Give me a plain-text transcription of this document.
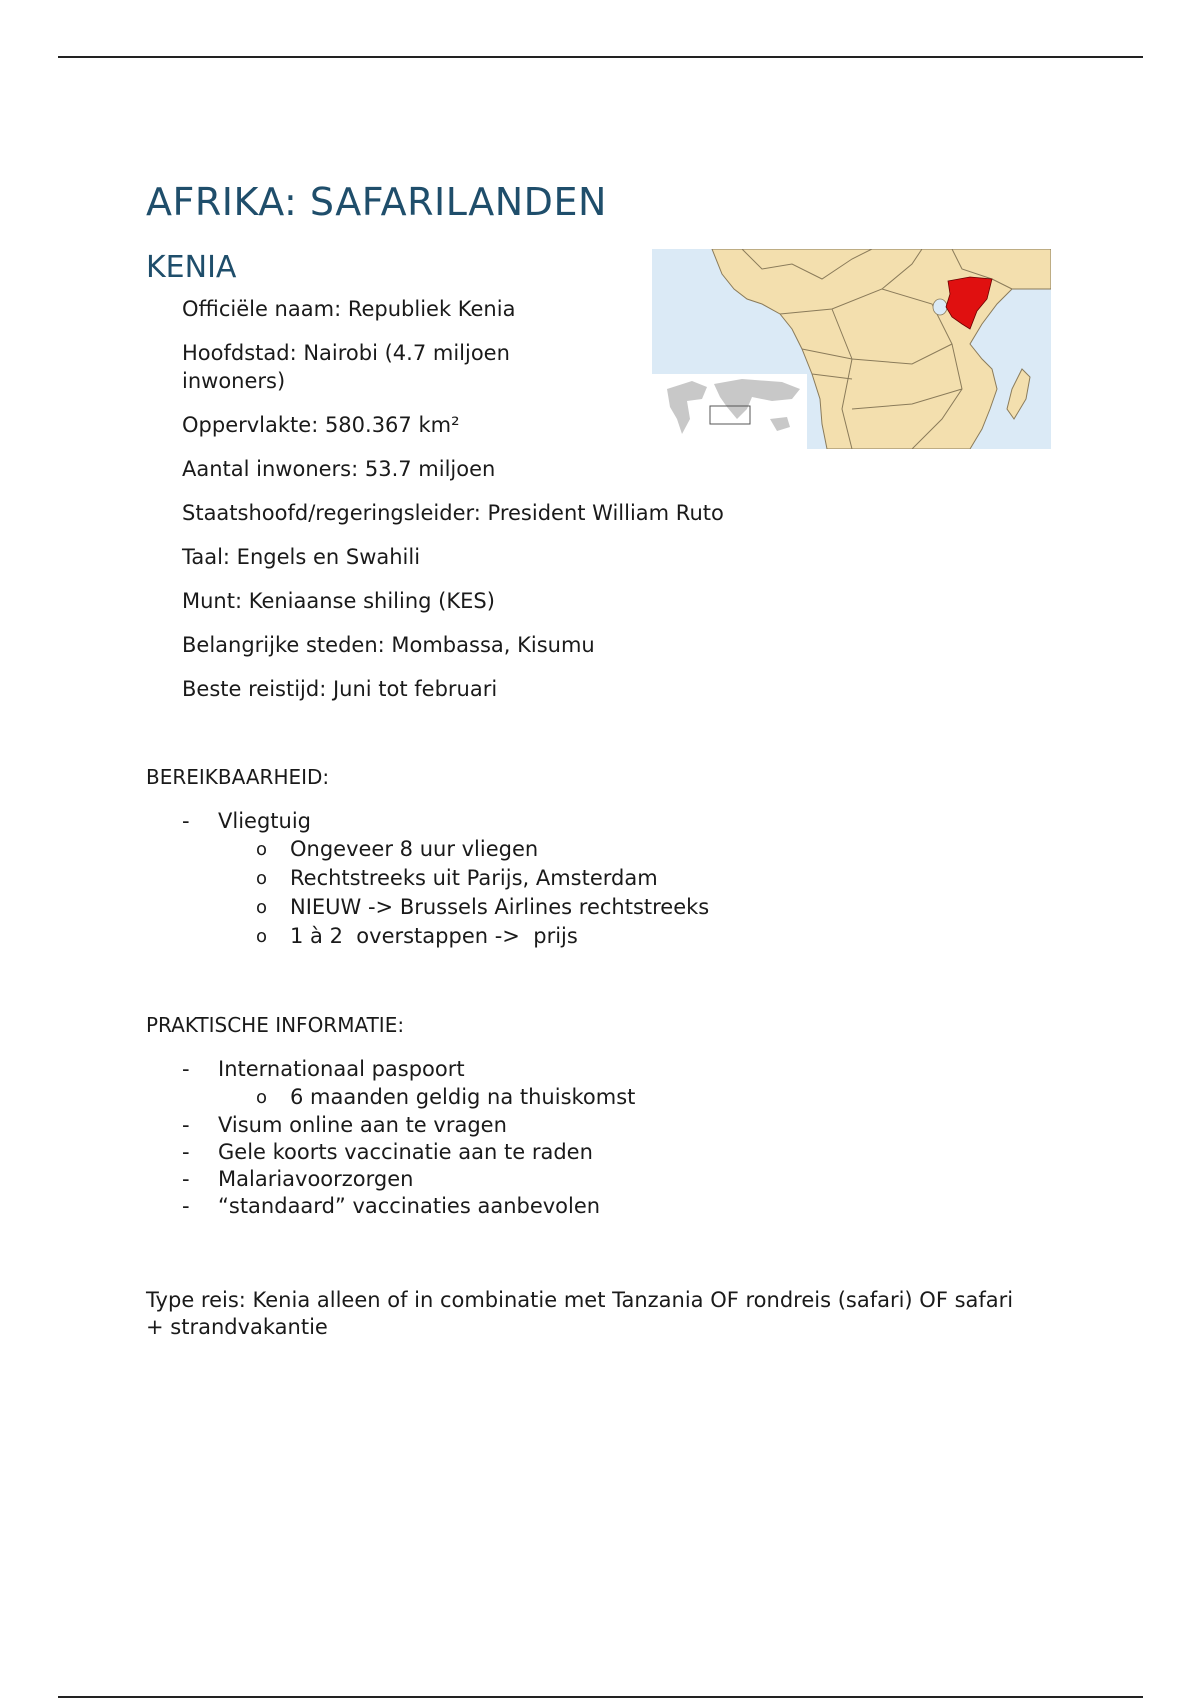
AFRIKA: SAFARILANDEN
KENIA
Officiële naam: Republiek Kenia
Hoofdstad: Nairobi (4.7 miljoen inwoners)
Oppervlakte: 580.367 km²
Aantal inwoners: 53.7 miljoen
Staatshoofd/regeringsleider: President William Ruto
Taal: Engels en Swahili
Munt: Keniaanse shiling (KES)
Belangrijke steden: Mombassa, Kisumu
Beste reistijd: Juni tot februari
BEREIKBAARHEID:
- Vliegtuig
o Ongeveer 8 uur vliegen
o Rechtstreeks uit Parijs, Amsterdam
o NIEUW -> Brussels Airlines rechtstreeks
o 1 à 2  overstappen ->  prijs
PRAKTISCHE INFORMATIE:
- Internationaal paspoort
o 6 maanden geldig na thuiskomst
- Visum online aan te vragen
- Gele koorts vaccinatie aan te raden
- Malariavoorzorgen
- “standaard” vaccinaties aanbevolen

Type reis: Kenia alleen of in combinatie met Tanzania OF rondreis (safari) OF safari + strandvakantie
